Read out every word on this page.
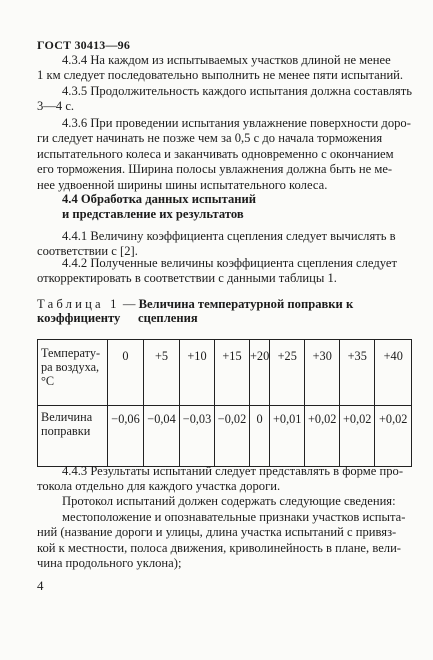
ГОСТ 30413—96
4.3.4 На каждом из испытываемых участков длиной не менее
1 км следует последовательно выполнить не менее пяти испытаний.
4.3.5 Продолжительность каждого испытания должна составлять
3—4 с.
4.3.6 При проведении испытания увлажнение поверхности доро-
ги следует начинать не позже чем за 0,5 с до начала торможения
испытательного колеса и заканчивать одновременно с окончанием
его торможения. Ширина полосы увлажнения должна быть не ме-
нее удвоенной ширины шины испытательного колеса.
4.4 Обработка данных испытаний
и представление их результатов
4.4.1 Величину коэффициента сцепления следует вычислять в
соответствии с [2].
4.4.2 Полученные величины коэффициента сцепления следует
откорректировать в соответствии с данными таблицы 1.
Таблица 1 — Величина температурной поправки к коэффициенту сцепления
Температу-
ра воздуха,
°С	0	+5	+10	+15	+20	+25	+30	+35	+40

Величина
поправки	−0,06	−0,04	−0,03	−0,02	0	+0,01	+0,02	+0,02	+0,02
4.4.3 Результаты испытаний следует представлять в форме про-
токола отдельно для каждого участка дороги.
Протокол испытаний должен содержать следующие сведения:
местоположение и опознавательные признаки участков испыта-
ний (название дороги и улицы, длина участка испытаний с привяз-
кой к местности, полоса движения, криволинейность в плане, вели-
чина продольного уклона);
4
